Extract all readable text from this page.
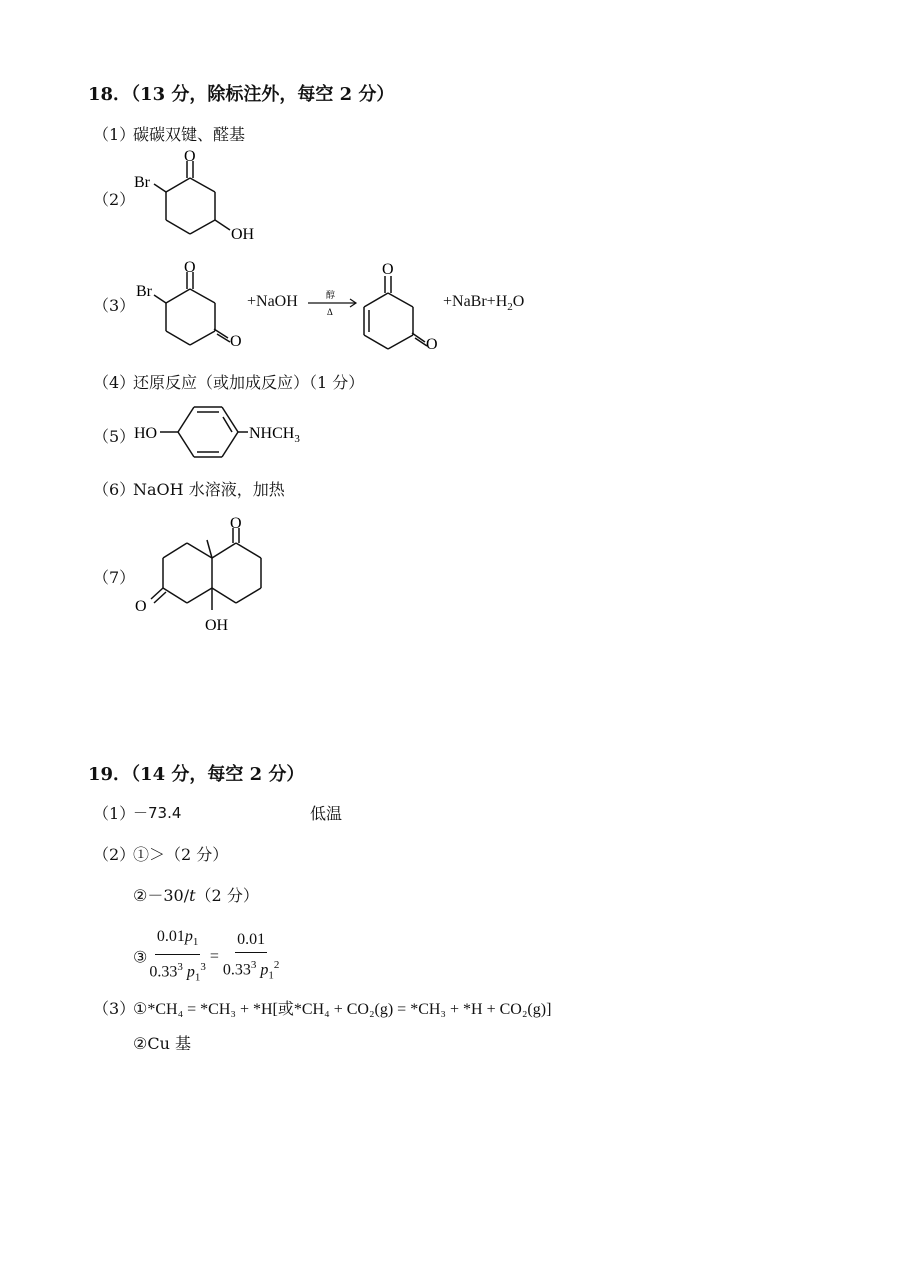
18．（13 分，除标注外，每空 2 分）
（1）
碳碳双键、醛基
（2）
O
Br
OH
（3）
O
O
Br
+NaOH	醇
Δ
O
O
$+NaBr+H_2O$
（4）
还原反应（或加成反应）（1 分）
（5）
HO	$NHCH_3$
（6）
NaOH 水溶液，加热
（7）
O
O
OH
19．（14 分，每空 2 分）
（1）
－73.4	低温
（2）
①＞（2 分）
②－30/t（2 分）
③ $\frac{0.01p_1}{0.33^3 p_1^3} = \frac{0.01}{0.33^3 p_1^2}$
（3）
①*CH₄ = *CH₃ + *H[或*CH₄ + CO₂(g) = *CH₃ + *H + CO₂(g)]
②Cu 基
